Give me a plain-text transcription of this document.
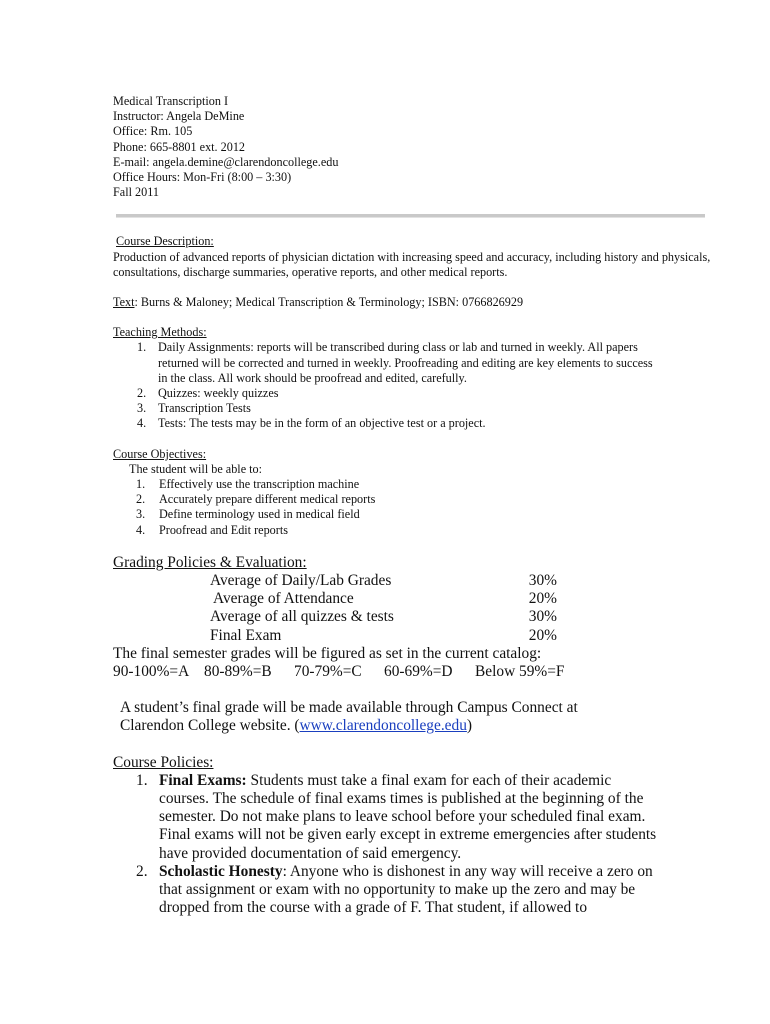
Medical Transcription I
Instructor: Angela DeMine
Office: Rm. 105
Phone: 665-8801 ext. 2012
E-mail: angela.demine@clarendoncollege.edu
Office Hours: Mon-Fri (8:00 – 3:30)
Fall 2011
Course Description:
Production of advanced reports of physician dictation with increasing speed and accuracy, including history and physicals, consultations, discharge summaries, operative reports, and other medical reports.
Text: Burns & Maloney; Medical Transcription & Terminology; ISBN: 0766826929
Teaching Methods:
1. Daily Assignments: reports will be transcribed during class or lab and turned in weekly. All papers returned will be corrected and turned in weekly. Proofreading and editing are key elements to success in the class. All work should be proofread and edited, carefully.
2. Quizzes: weekly quizzes
3. Transcription Tests
4. Tests: The tests may be in the form of an objective test or a project.
Course Objectives:
The student will be able to:
1. Effectively use the transcription machine
2. Accurately prepare different medical reports
3. Define terminology used in medical field
4. Proofread and Edit reports
Grading Policies & Evaluation:
Average of Daily/Lab Grades	30%
Average of Attendance	20%
Average of all quizzes & tests	30%
Final Exam	20%
The final semester grades will be figured as set in the current catalog:
90-100%=A 80-89%=B 70-79%=C 60-69%=D Below 59%=F
A student’s final grade will be made available through Campus Connect at Clarendon College website. (www.clarendoncollege.edu)
Course Policies:
1. Final Exams: Students must take a final exam for each of their academic courses. The schedule of final exams times is published at the beginning of the semester. Do not make plans to leave school before your scheduled final exam. Final exams will not be given early except in extreme emergencies after students have provided documentation of said emergency.
2. Scholastic Honesty: Anyone who is dishonest in any way will receive a zero on that assignment or exam with no opportunity to make up the zero and may be dropped from the course with a grade of F. That student, if allowed to
